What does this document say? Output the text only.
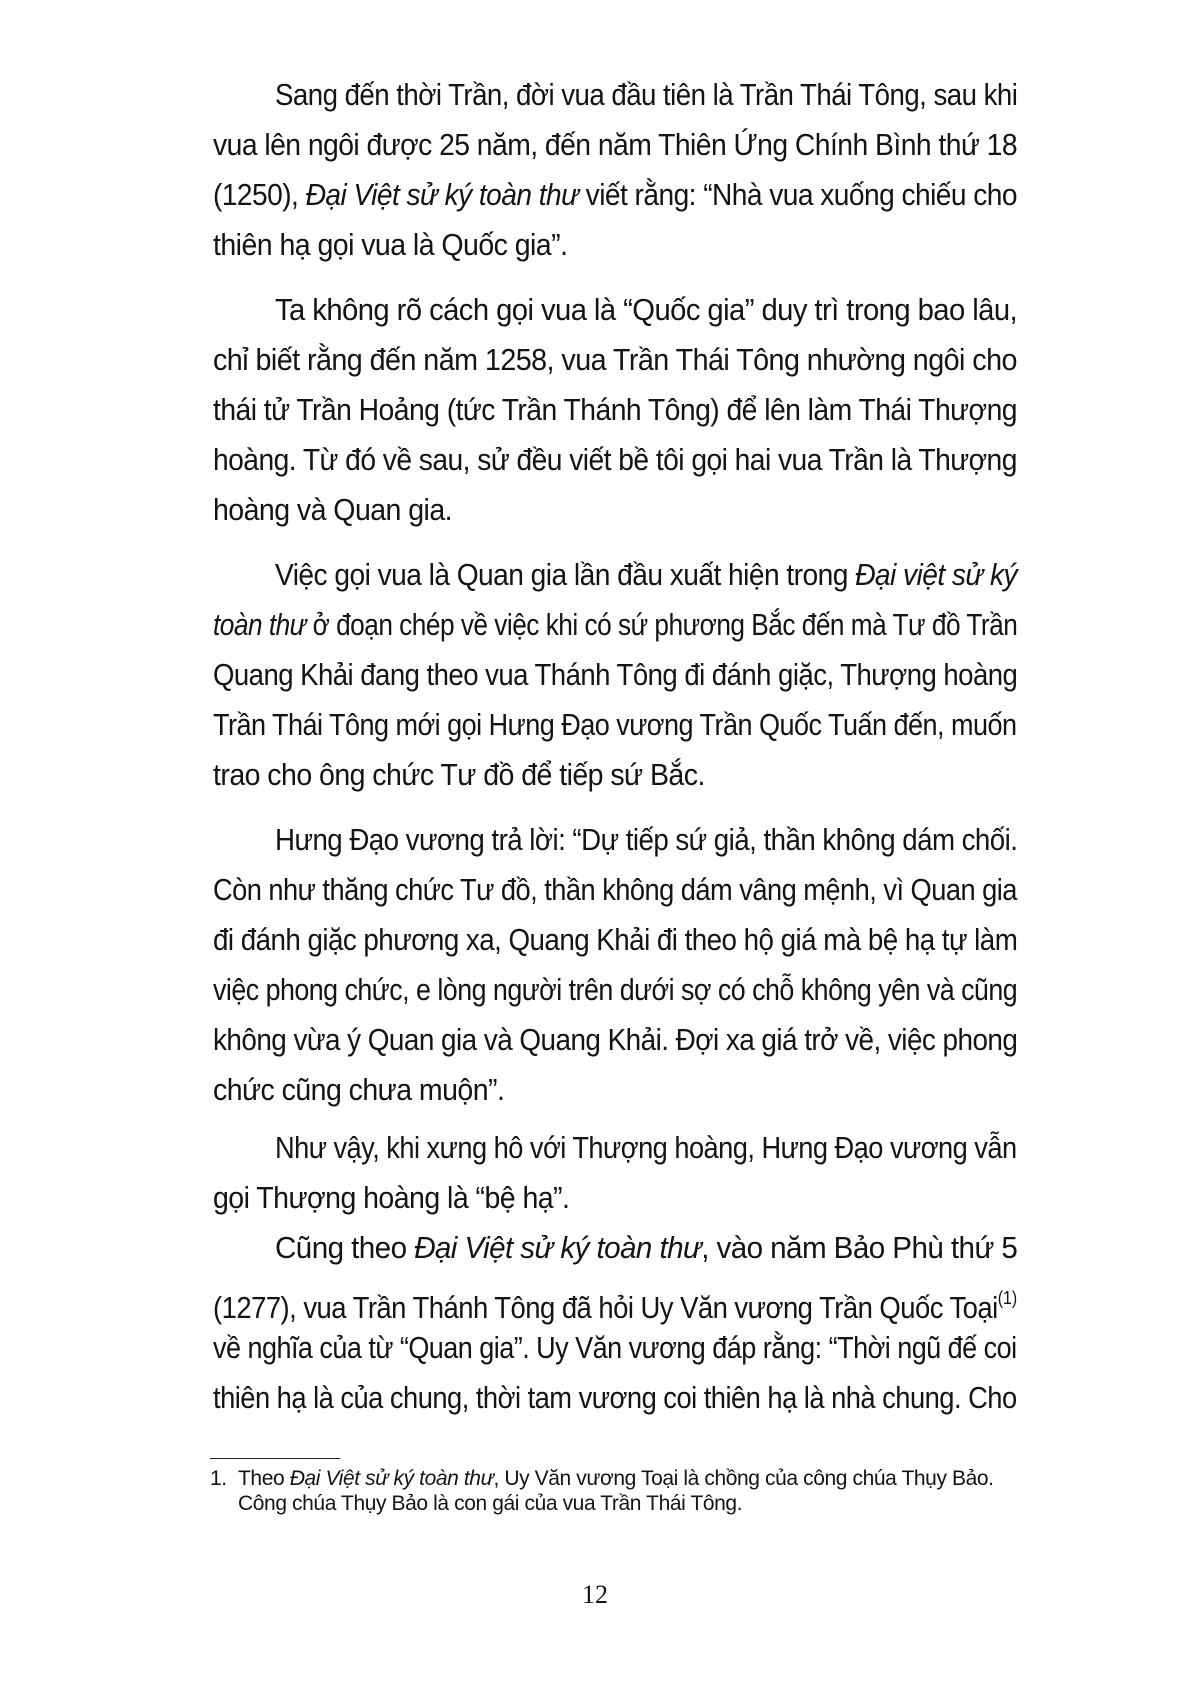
Sang đến thời Trần, đời vua đầu tiên là Trần Thái Tông, sau khi
vua lên ngôi được 25 năm, đến năm Thiên Ứng Chính Bình thứ 18
(1250), Đại Việt sử ký toàn thư viết rằng: “Nhà vua xuống chiếu cho
thiên hạ gọi vua là Quốc gia”.
Ta không rõ cách gọi vua là “Quốc gia” duy trì trong bao lâu,
chỉ biết rằng đến năm 1258, vua Trần Thái Tông nhường ngôi cho
thái tử Trần Hoảng (tức Trần Thánh Tông) để lên làm Thái Thượng
hoàng. Từ đó về sau, sử đều viết bề tôi gọi hai vua Trần là Thượng
hoàng và Quan gia.
Việc gọi vua là Quan gia lần đầu xuất hiện trong Đại việt sử ký
toàn thư ở đoạn chép về việc khi có sứ phương Bắc đến mà Tư đồ Trần
Quang Khải đang theo vua Thánh Tông đi đánh giặc, Thượng hoàng
Trần Thái Tông mới gọi Hưng Đạo vương Trần Quốc Tuấn đến, muốn
trao cho ông chức Tư đồ để tiếp sứ Bắc.
Hưng Đạo vương trả lời: “Dự tiếp sứ giả, thần không dám chối.
Còn như thăng chức Tư đồ, thần không dám vâng mệnh, vì Quan gia
đi đánh giặc phương xa, Quang Khải đi theo hộ giá mà bệ hạ tự làm
việc phong chức, e lòng người trên dưới sợ có chỗ không yên và cũng
không vừa ý Quan gia và Quang Khải. Đợi xa giá trở về, việc phong
chức cũng chưa muộn”.
Như vậy, khi xưng hô với Thượng hoàng, Hưng Đạo vương vẫn
gọi Thượng hoàng là “bệ hạ”.
Cũng theo Đại Việt sử ký toàn thư, vào năm Bảo Phù thứ 5
(1277), vua Trần Thánh Tông đã hỏi Uy Văn vương Trần Quốc Toại$^{(1)}$
về nghĩa của từ “Quan gia”. Uy Văn vương đáp rằng: “Thời ngũ đế coi
thiên hạ là của chung, thời tam vương coi thiên hạ là nhà chung. Cho
1. Theo Đại Việt sử ký toàn thư, Uy Văn vương Toại là chồng của công chúa Thụy Bảo.
Công chúa Thụy Bảo là con gái của vua Trần Thái Tông.
12
